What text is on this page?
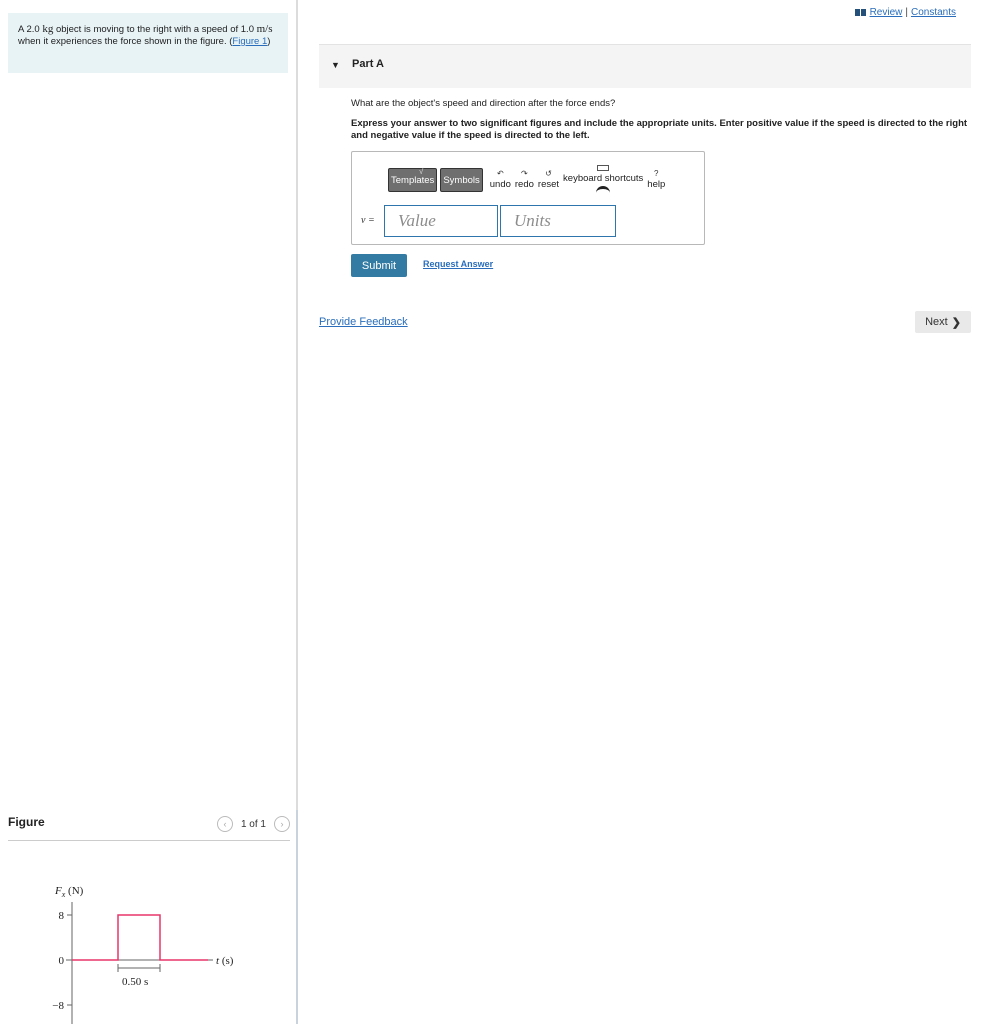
A 2.0 kg object is moving to the right with a speed of 1.0 m/s when it experiences the force shown in the figure. (Figure 1)
Figure	‹	1 of 1	›
$F_x$ (N)
8
0
−8
t (s)
0.50 s
Review | Constants
▼ Part A
What are the object's speed and direction after the force ends?
Express your answer to two significant figures and include the appropriate units. Enter positive value if the speed is directed to the right and negative value if the speed is directed to the left.
√
Templates Symbols
↶
undo
↷
redo
↺
reset
keyboard shortcuts ?
help
v =	Value	Units
Submit	Request Answer
Provide Feedback	Next ❯
